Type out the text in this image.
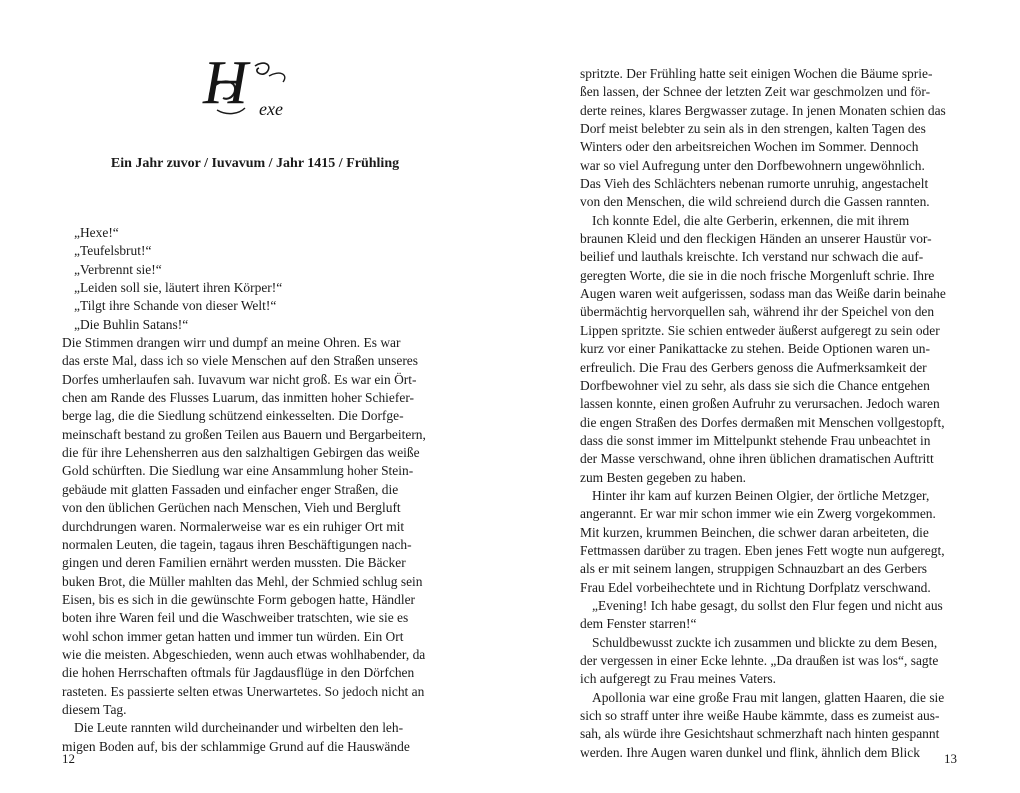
H exe
Ein Jahr zuvor / Iuvavum / Jahr 1415 / Frühling
„Hexe!“
„Teufelsbrut!“
„Verbrennt sie!“
„Leiden soll sie, läutert ihren Körper!“
„Tilgt ihre Schande von dieser Welt!“
„Die Buhlin Satans!“
Die Stimmen drangen wirr und dumpf an meine Ohren. Es war
das erste Mal, dass ich so viele Menschen auf den Straßen unseres
Dorfes umherlaufen sah. Iuvavum war nicht groß. Es war ein Ört-
chen am Rande des Flusses Luarum, das inmitten hoher Schiefer-
berge lag, die die Siedlung schützend einkesselten. Die Dorfge-
meinschaft bestand zu großen Teilen aus Bauern und Bergarbeitern,
die für ihre Lehensherren aus den salzhaltigen Gebirgen das weiße
Gold schürften. Die Siedlung war eine Ansammlung hoher Stein-
gebäude mit glatten Fassaden und einfacher enger Straßen, die
von den üblichen Gerüchen nach Menschen, Vieh und Bergluft
durchdrungen waren. Normalerweise war es ein ruhiger Ort mit
normalen Leuten, die tagein, tagaus ihren Beschäftigungen nach-
gingen und deren Familien ernährt werden mussten. Die Bäcker
buken Brot, die Müller mahlten das Mehl, der Schmied schlug sein
Eisen, bis es sich in die gewünschte Form gebogen hatte, Händler
boten ihre Waren feil und die Waschweiber tratschten, wie sie es
wohl schon immer getan hatten und immer tun würden. Ein Ort
wie die meisten. Abgeschieden, wenn auch etwas wohlhabender, da
die hohen Herrschaften oftmals für Jagdausflüge in den Dörfchen
rasteten. Es passierte selten etwas Unerwartetes. So jedoch nicht an
diesem Tag.
Die Leute rannten wild durcheinander und wirbelten den leh-
migen Boden auf, bis der schlammige Grund auf die Hauswände
12
spritzte. Der Frühling hatte seit einigen Wochen die Bäume sprie-
ßen lassen, der Schnee der letzten Zeit war geschmolzen und för-
derte reines, klares Bergwasser zutage. In jenen Monaten schien das
Dorf meist belebter zu sein als in den strengen, kalten Tagen des
Winters oder den arbeitsreichen Wochen im Sommer. Dennoch
war so viel Aufregung unter den Dorfbewohnern ungewöhnlich.
Das Vieh des Schlächters nebenan rumorte unruhig, angestachelt
von den Menschen, die wild schreiend durch die Gassen rannten.
Ich konnte Edel, die alte Gerberin, erkennen, die mit ihrem
braunen Kleid und den fleckigen Händen an unserer Haustür vor-
beilief und lauthals kreischte. Ich verstand nur schwach die auf-
geregten Worte, die sie in die noch frische Morgenluft schrie. Ihre
Augen waren weit aufgerissen, sodass man das Weiße darin beinahe
übermächtig hervorquellen sah, während ihr der Speichel von den
Lippen spritzte. Sie schien entweder äußerst aufgeregt zu sein oder
kurz vor einer Panikattacke zu stehen. Beide Optionen waren un-
erfreulich. Die Frau des Gerbers genoss die Aufmerksamkeit der
Dorfbewohner viel zu sehr, als dass sie sich die Chance entgehen
lassen konnte, einen großen Aufruhr zu verursachen. Jedoch waren
die engen Straßen des Dorfes dermaßen mit Menschen vollgestopft,
dass die sonst immer im Mittelpunkt stehende Frau unbeachtet in
der Masse verschwand, ohne ihren üblichen dramatischen Auftritt
zum Besten gegeben zu haben.
Hinter ihr kam auf kurzen Beinen Olgier, der örtliche Metzger,
angerannt. Er war mir schon immer wie ein Zwerg vorgekommen.
Mit kurzen, krummen Beinchen, die schwer daran arbeiteten, die
Fettmassen darüber zu tragen. Eben jenes Fett wogte nun aufgeregt,
als er mit seinem langen, struppigen Schnauzbart an des Gerbers
Frau Edel vorbeihechtete und in Richtung Dorfplatz verschwand.
„Evening! Ich habe gesagt, du sollst den Flur fegen und nicht aus
dem Fenster starren!“
Schuldbewusst zuckte ich zusammen und blickte zu dem Besen,
der vergessen in einer Ecke lehnte. „Da draußen ist was los“, sagte
ich aufgeregt zu Frau meines Vaters.
Apollonia war eine große Frau mit langen, glatten Haaren, die sie
sich so straff unter ihre weiße Haube kämmte, dass es zumeist aus-
sah, als würde ihre Gesichtshaut schmerzhaft nach hinten gespannt
werden. Ihre Augen waren dunkel und flink, ähnlich dem Blick	13
